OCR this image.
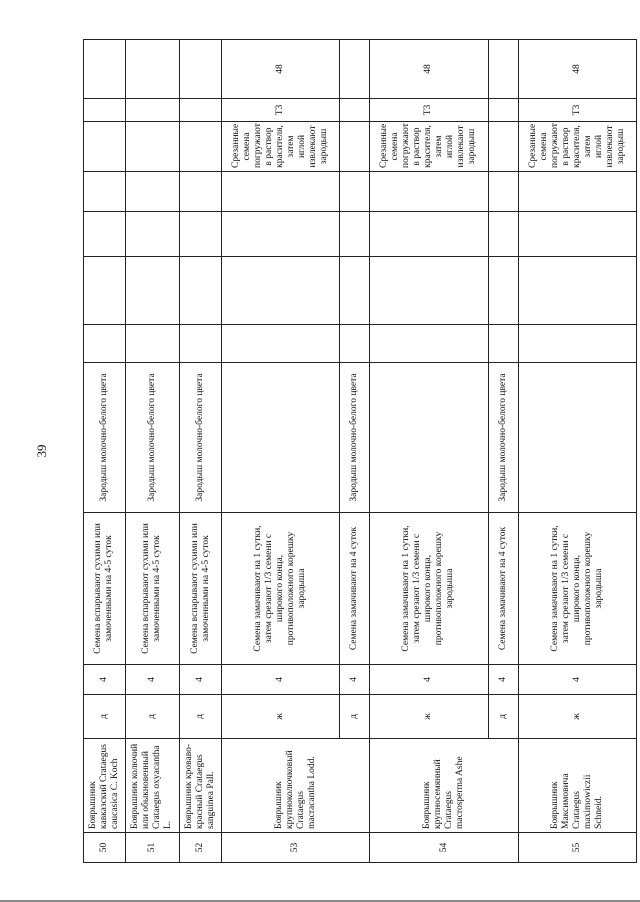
39
50	Боярышник кавказский Crataegus caucasica C. Koch	д	4	Семена вспарывают сухими или замоченными на 4-5 суток	Зародыш молочно-белого цвета							
51	Боярышник колючий или обыкновенный Crataegus oxyacantha L.	д	4	Семена вспарывают сухими или замоченными на 4-5 суток	Зародыш молочно-белого цвета							
52	Боярышник кроваво-красный Crataegus sanguinea Pall.	д	4	Семена вспарывают сухими или замоченными на 4-5 суток	Зародыш молочно-белого цвета							
53	Боярышник крупноколючковый Crataegus macracantha Lodd.	ж	4	Семена замачивают на 1 сутки, затем срезают 1/3 семени с широкого конца, противоположного корешку зародыша						Срезанные семена погружают в раствор красителя, затем иглой извлекают зародыш	Т3	48
		д	4	Семена замачивают на 4 суток	Зародыш молочно-белого цвета							
54	Боярышник крупносемянный Crataegus macrosperma Ashe	ж	4	Семена замачивают на 1 сутки, затем срезают 1/3 семени с широкого конца, противоположного корешку зародыша						Срезанные семена погружают в раствор красителя, затем иглой извлекают зародыш	Т3	48
		д	4	Семена замачивают на 4 суток	Зародыш молочно-белого цвета							
55	Боярышник Максимовича Crataegus maximowiczii Schneid.	ж	4	Семена замачивают на 1 сутки, затем срезают 1/3 семени с широкого конца, противоположного корешку зародыша						Срезанные семена погружают в раствор красителя, затем иглой извлекают зародыш	Т3	48
